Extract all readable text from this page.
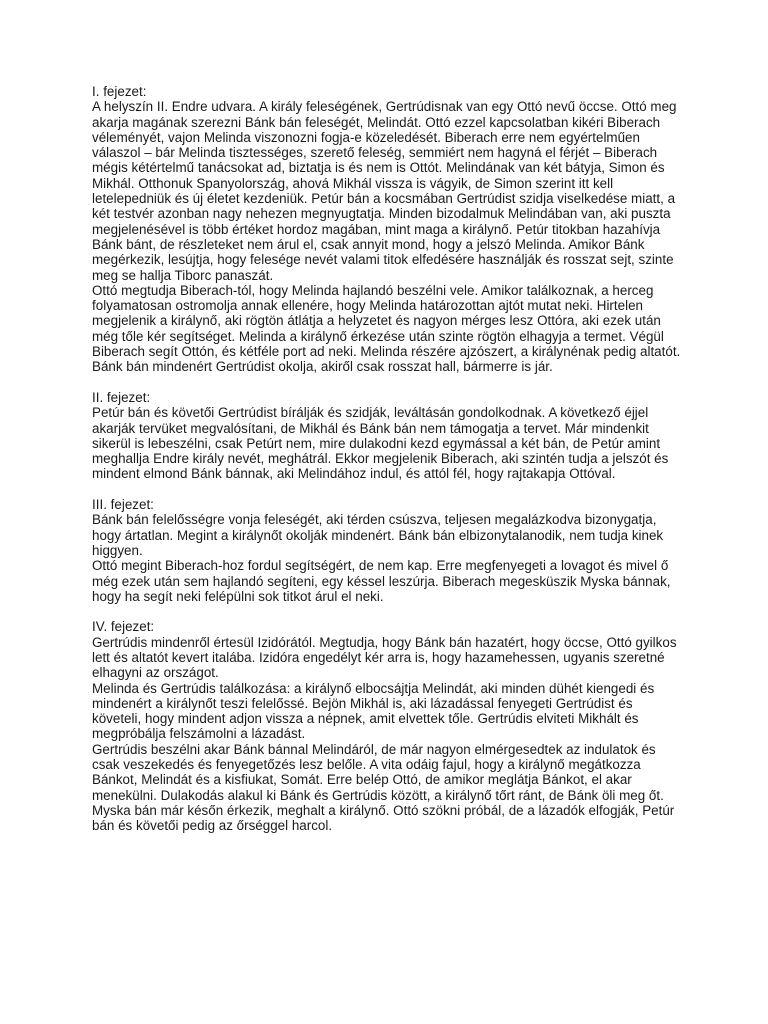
I. fejezet:

A helyszín II. Endre udvara. A király feleségének, Gertrúdisnak van egy Ottó nevű öccse. Ottó meg akarja magának szerezni Bánk bán feleségét, Melindát. Ottó ezzel kapcsolatban kikéri Biberach véleményét, vajon Melinda viszonozni fogja-e közeledését. Biberach erre nem egyértelműen válaszol – bár Melinda tisztességes, szerető feleség, semmiért nem hagyná el férjét – Biberach mégis kétértelmű tanácsokat ad, biztatja is és nem is Ottót. Melindának van két bátyja, Simon és Mikhál. Otthonuk Spanyolország, ahová Mikhál vissza is vágyik, de Simon szerint itt kell letelepedniük és új életet kezdeniük. Petúr bán a kocsmában Gertrúdist szidja viselkedése miatt, a két testvér azonban nagy nehezen megnyugtatja. Minden bizodalmuk Melindában van, aki puszta megjelenésével is több értéket hordoz magában, mint maga a királynő. Petúr titokban hazahívja Bánk bánt, de részleteket nem árul el, csak annyit mond, hogy a jelszó Melinda. Amikor Bánk megérkezik, lesújtja, hogy felesége nevét valami titok elfedésére használják és rosszat sejt, szinte meg se hallja Tiborc panaszát.

Ottó megtudja Biberach-tól, hogy Melinda hajlandó beszélni vele. Amikor találkoznak, a herceg folyamatosan ostromolja annak ellenére, hogy Melinda határozottan ajtót mutat neki. Hirtelen megjelenik a királynő, aki rögtön átlátja a helyzetet és nagyon mérges lesz Ottóra, aki ezek után még tőle kér segítséget. Melinda a királynő érkezése után szinte rögtön elhagyja a termet. Végül Biberach segít Ottón, és kétféle port ad neki. Melinda részére ajzószert, a királynénak pedig altatót. Bánk bán mindenért Gertrúdist okolja, akiről csak rosszat hall, bármerre is jár.

II. fejezet:

Petúr bán és követői Gertrúdist bírálják és szidják, leváltásán gondolkodnak. A következő éjjel akarják tervüket megvalósítani, de Mikhál és Bánk bán nem támogatja a tervet. Már mindenkit sikerül is lebeszélni, csak Petúrt nem, mire dulakodni kezd egymással a két bán, de Petúr amint meghallja Endre király nevét, meghátrál. Ekkor megjelenik Biberach, aki szintén tudja a jelszót és mindent elmond Bánk bánnak, aki Melindához indul, és attól fél, hogy rajtakapja Ottóval.

III. fejezet:

Bánk bán felelősségre vonja feleségét, aki térden csúszva, teljesen megalázkodva bizonygatja, hogy ártatlan. Megint a királynőt okolják mindenért. Bánk bán elbizonytalanodik, nem tudja kinek higgyen.

Ottó megint Biberach-hoz fordul segítségért, de nem kap. Erre megfenyegeti a lovagot és mivel ő még ezek után sem hajlandó segíteni, egy késsel leszúrja. Biberach megesküszik Myska bánnak, hogy ha segít neki felépülni sok titkot árul el neki.

IV. fejezet:

Gertrúdis mindenről értesül Izidórától. Megtudja, hogy Bánk bán hazatért, hogy öccse, Ottó gyilkos lett és altatót kevert italába. Izidóra engedélyt kér arra is, hogy hazamehessen, ugyanis szeretné elhagyni az országot.

Melinda és Gertrúdis találkozása: a királynő elbocsájtja Melindát, aki minden dühét kiengedi és mindenért a királynőt teszi felelőssé. Bejön Mikhál is, aki lázadással fenyegeti Gertrúdist és követeli, hogy mindent adjon vissza a népnek, amit elvettek tőle. Gertrúdis elviteti Mikhált és megpróbálja felszámolni a lázadást.

Gertrúdis beszélni akar Bánk bánnal Melindáról, de már nagyon elmérgesedtek az indulatok és csak veszekedés és fenyegetőzés lesz belőle. A vita odáig fajul, hogy a királynő megátkozza Bánkot, Melindát és a kisfiukat, Somát. Erre belép Ottó, de amikor meglátja Bánkot, el akar menekülni. Dulakodás alakul ki Bánk és Gertrúdis között, a királynő tőrt ránt, de Bánk öli meg őt. Myska bán már későn érkezik, meghalt a királynő. Ottó szökni próbál, de a lázadók elfogják, Petúr bán és követői pedig az őrséggel harcol.
